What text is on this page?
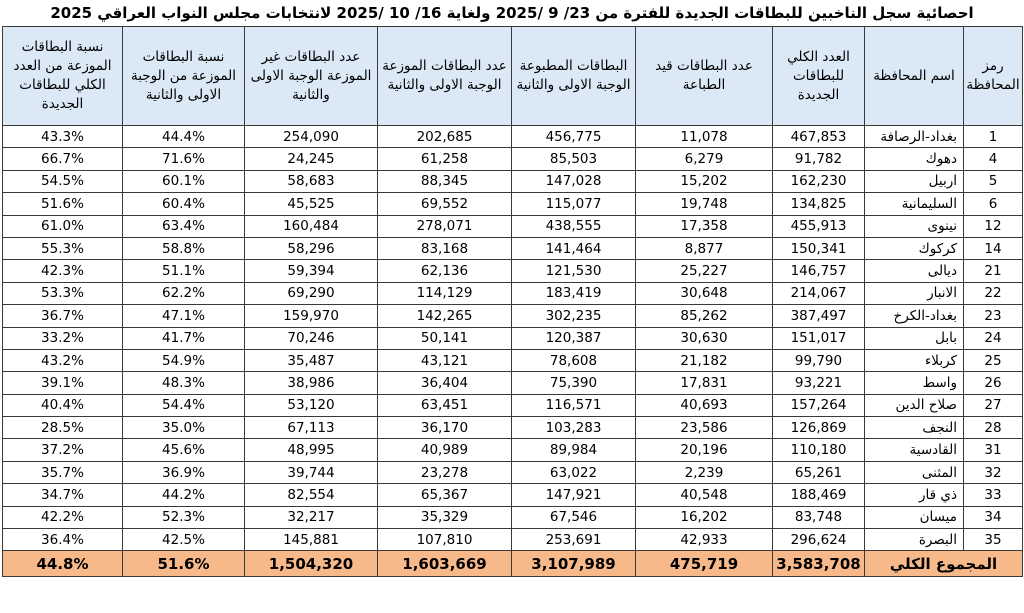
احصائية سجل الناخبين للبطاقات الجديدة للفترة من 23/ 9 /2025 ولغاية 16/ 10 /2025 لانتخابات مجلس النواب العراقي 2025
رمز المحافظة	اسم المحافظة	العدد الكلي للبطاقات الجديدة	عدد البطاقات قيد الطباعة	البطاقات المطبوعة الوجبة الاولى والثانية	عدد البطاقات الموزعة الوجبة الاولى والثانية	عدد البطاقات غير الموزعة الوجبة الاولى والثانية	نسبة البطاقات الموزعة من الوجبة الاولى والثانية	نسبة البطاقات الموزعة من العدد الكلي للبطاقات الجديدة
1	بغداد-الرصافة	467,853	11,078	456,775	202,685	254,090	44.4%	43.3%
4	دهوك	91,782	6,279	85,503	61,258	24,245	71.6%	66.7%
5	اربيل	162,230	15,202	147,028	88,345	58,683	60.1%	54.5%
6	السليمانية	134,825	19,748	115,077	69,552	45,525	60.4%	51.6%
12	نينوى	455,913	17,358	438,555	278,071	160,484	63.4%	61.0%
14	كركوك	150,341	8,877	141,464	83,168	58,296	58.8%	55.3%
21	ديالى	146,757	25,227	121,530	62,136	59,394	51.1%	42.3%
22	الانبار	214,067	30,648	183,419	114,129	69,290	62.2%	53.3%
23	بغداد-الكرخ	387,497	85,262	302,235	142,265	159,970	47.1%	36.7%
24	بابل	151,017	30,630	120,387	50,141	70,246	41.7%	33.2%
25	كربلاء	99,790	21,182	78,608	43,121	35,487	54.9%	43.2%
26	واسط	93,221	17,831	75,390	36,404	38,986	48.3%	39.1%
27	صلاح الدين	157,264	40,693	116,571	63,451	53,120	54.4%	40.4%
28	النجف	126,869	23,586	103,283	36,170	67,113	35.0%	28.5%
31	القادسية	110,180	20,196	89,984	40,989	48,995	45.6%	37.2%
32	المثنى	65,261	2,239	63,022	23,278	39,744	36.9%	35.7%
33	ذي قار	188,469	40,548	147,921	65,367	82,554	44.2%	34.7%
34	ميسان	83,748	16,202	67,546	35,329	32,217	52.3%	42.2%
35	البصرة	296,624	42,933	253,691	107,810	145,881	42.5%	36.4%
المجموع الكلي		3,583,708	475,719	3,107,989	1,603,669	1,504,320	51.6%	44.8%
